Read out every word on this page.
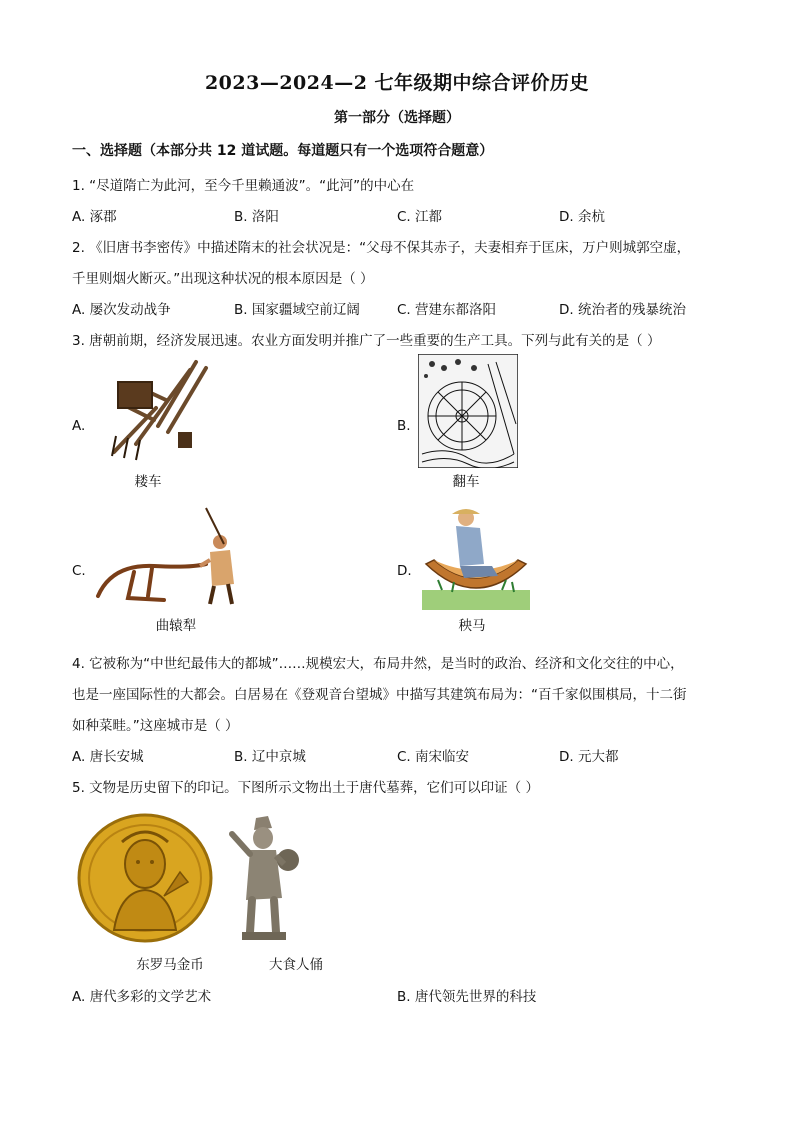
2023—2024—2 七年级期中综合评价历史
第一部分（选择题）
一、选择题（本部分共 12 道试题。每道题只有一个选项符合题意）
1. “尽道隋亡为此河，至今千里赖通波”。“此河”的中心在
A. 涿郡	B. 洛阳	C. 江都	D. 余杭
2. 《旧唐书李密传》中描述隋末的社会状况是：“父母不保其赤子，夫妻相弃于匡床，万户则城郭空虚，
千里则烟火断灭。”出现这种状况的根本原因是（ ）
A. 屡次发动战争	B. 国家疆域空前辽阔	C. 营建东都洛阳	D. 统治者的残暴统治
3. 唐朝前期，经济发展迅速。农业方面发明并推广了一些重要的生产工具。下列与此有关的是（ ）
A.
耧车
B.
翻车
C.
曲辕犁
D.
秧马
4. 它被称为“中世纪最伟大的都城”……规模宏大，布局井然，是当时的政治、经济和文化交往的中心，
也是一座国际性的大都会。白居易在《登观音台望城》中描写其建筑布局为：“百千家似围棋局，十二街
如种菜畦。”这座城市是（ ）
A. 唐长安城	B. 辽中京城	C. 南宋临安	D. 元大都
5. 文物是历史留下的印记。下图所示文物出土于唐代墓葬，它们可以印证（ ）
东罗马金币	大食人俑
A. 唐代多彩的文学艺术	B. 唐代领先世界的科技
